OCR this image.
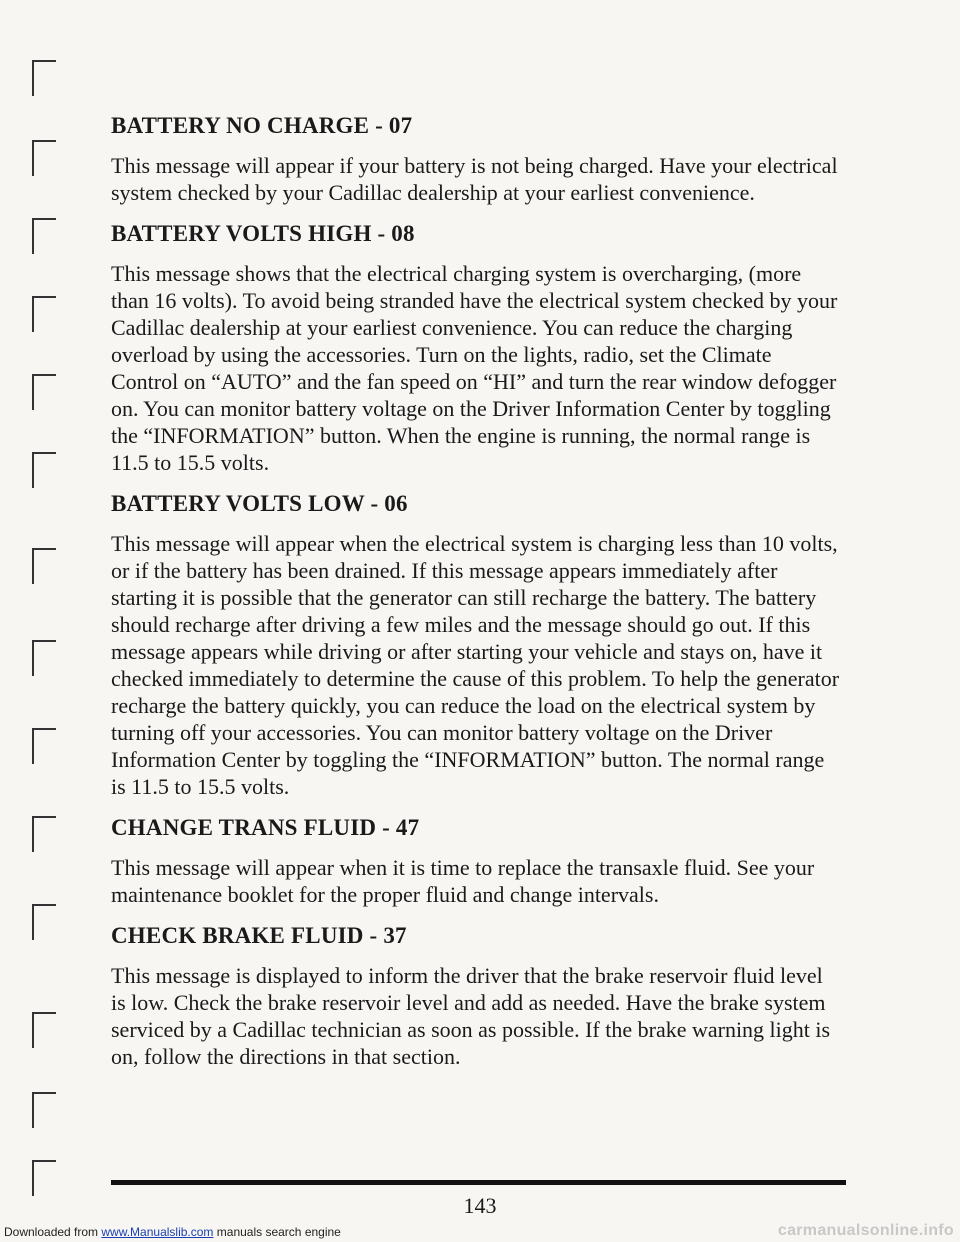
BATTERY NO CHARGE - 07

This message will appear if your battery is not being charged. Have your electrical system checked by your Cadillac dealership at your earliest convenience.

BATTERY VOLTS HIGH - 08

This message shows that the electrical charging system is overcharging, (more than 16 volts). To avoid being stranded have the electrical system checked by your Cadillac dealership at your earliest convenience. You can reduce the charging overload by using the accessories. Turn on the lights, radio, set the Climate Control on “AUTO” and the fan speed on “HI” and turn the rear window defogger on. You can monitor battery voltage on the Driver Information Center by toggling the “INFORMATION” button. When the engine is running, the normal range is 11.5 to 15.5 volts.

BATTERY VOLTS LOW - 06

This message will appear when the electrical system is charging less than 10 volts, or if the battery has been drained. If this message appears immediately after starting it is possible that the generator can still recharge the battery. The battery should recharge after driving a few miles and the message should go out. If this message appears while driving or after starting your vehicle and stays on, have it checked immediately to determine the cause of this problem. To help the generator recharge the battery quickly, you can reduce the load on the electrical system by turning off your accessories. You can monitor battery voltage on the Driver Information Center by toggling the “INFORMATION” button. The normal range is 11.5 to 15.5 volts.

CHANGE TRANS FLUID - 47

This message will appear when it is time to replace the transaxle fluid. See your maintenance booklet for the proper fluid and change intervals.

CHECK BRAKE FLUID - 37

This message is displayed to inform the driver that the brake reservoir fluid level is low. Check the brake reservoir level and add as needed. Have the brake system serviced by a Cadillac technician as soon as possible. If the brake warning light is on, follow the directions in that section.

143
Downloaded from www.Manualslib.com manuals search engine	carmanualsonline.info
